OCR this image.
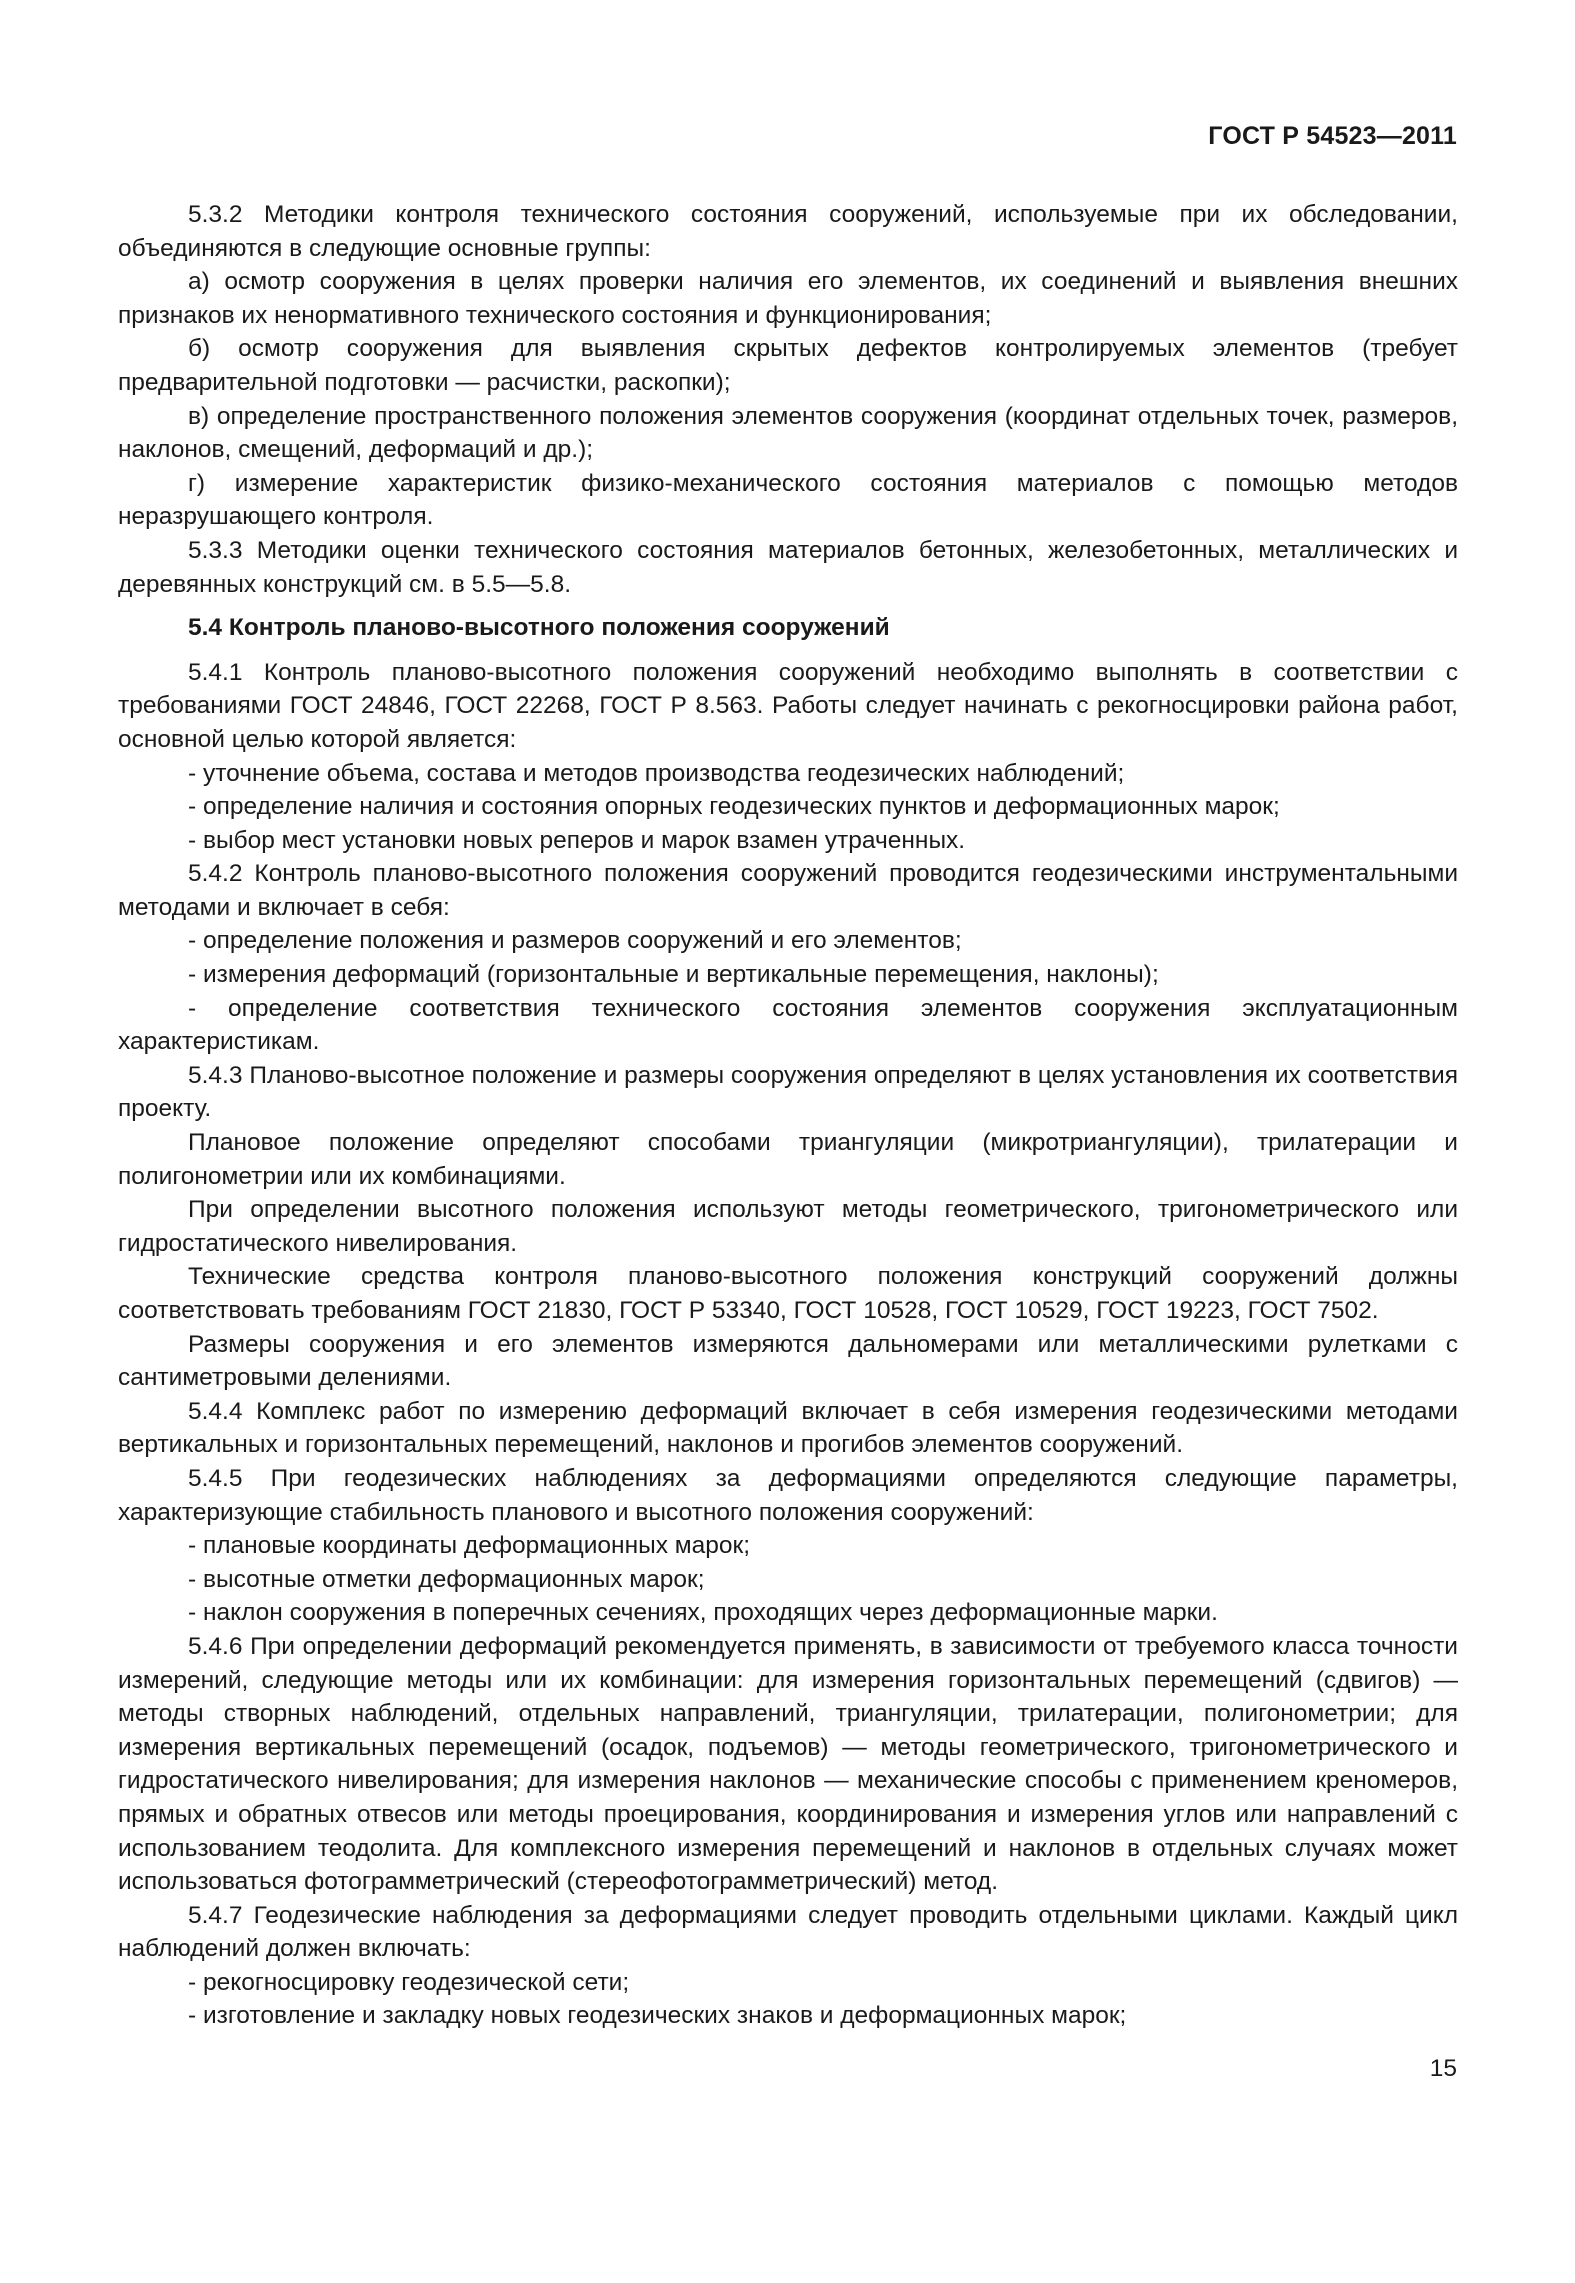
ГОСТ Р 54523—2011

5.3.2 Методики контроля технического состояния сооружений, используемые при их обследовании, объединяются в следующие основные группы:

а) осмотр сооружения в целях проверки наличия его элементов, их соединений и выявления внешних признаков их ненормативного технического состояния и функционирования;

б) осмотр сооружения для выявления скрытых дефектов контролируемых элементов (требует предварительной подготовки — расчистки, раскопки);

в) определение пространственного положения элементов сооружения (координат отдельных точек, размеров, наклонов, смещений, деформаций и др.);

г) измерение характеристик физико-механического состояния материалов с помощью методов неразрушающего контроля.

5.3.3 Методики оценки технического состояния материалов бетонных, железобетонных, металлических и деревянных конструкций см. в 5.5—5.8.

5.4 Контроль планово-высотного положения сооружений

5.4.1 Контроль планово-высотного положения сооружений необходимо выполнять в соответствии с требованиями ГОСТ 24846, ГОСТ 22268, ГОСТ Р 8.563. Работы следует начинать с рекогносцировки района работ, основной целью которой является:

- уточнение объема, состава и методов производства геодезических наблюдений;

- определение наличия и состояния опорных геодезических пунктов и деформационных марок;

- выбор мест установки новых реперов и марок взамен утраченных.

5.4.2 Контроль планово-высотного положения сооружений проводится геодезическими инструментальными методами и включает в себя:

- определение положения и размеров сооружений и его элементов;

- измерения деформаций (горизонтальные и вертикальные перемещения, наклоны);

- определение соответствия технического состояния элементов сооружения эксплуатационным характеристикам.

5.4.3 Планово-высотное положение и размеры сооружения определяют в целях установления их соответствия проекту.

Плановое положение определяют способами триангуляции (микротриангуляции), трилатерации и полигонометрии или их комбинациями.

При определении высотного положения используют методы геометрического, тригонометрического или гидростатического нивелирования.

Технические средства контроля планово-высотного положения конструкций сооружений должны соответствовать требованиям ГОСТ 21830, ГОСТ Р 53340, ГОСТ 10528, ГОСТ 10529, ГОСТ 19223, ГОСТ 7502.

Размеры сооружения и его элементов измеряются дальномерами или металлическими рулетками с сантиметровыми делениями.

5.4.4 Комплекс работ по измерению деформаций включает в себя измерения геодезическими методами вертикальных и горизонтальных перемещений, наклонов и прогибов элементов сооружений.

5.4.5 При геодезических наблюдениях за деформациями определяются следующие параметры, характеризующие стабильность планового и высотного положения сооружений:

- плановые координаты деформационных марок;

- высотные отметки деформационных марок;

- наклон сооружения в поперечных сечениях, проходящих через деформационные марки.

5.4.6 При определении деформаций рекомендуется применять, в зависимости от требуемого класса точности измерений, следующие методы или их комбинации: для измерения горизонтальных перемещений (сдвигов) — методы створных наблюдений, отдельных направлений, триангуляции, трилатерации, полигонометрии; для измерения вертикальных перемещений (осадок, подъемов) — методы геометрического, тригонометрического и гидростатического нивелирования; для измерения наклонов — механические способы с применением креномеров, прямых и обратных отвесов или методы проецирования, координирования и измерения углов или направлений с использованием теодолита. Для комплексного измерения перемещений и наклонов в отдельных случаях может использоваться фотограмметрический (стереофотограмметрический) метод.

5.4.7 Геодезические наблюдения за деформациями следует проводить отдельными циклами. Каждый цикл наблюдений должен включать:

- рекогносцировку геодезической сети;

- изготовление и закладку новых геодезических знаков и деформационных марок;

15
